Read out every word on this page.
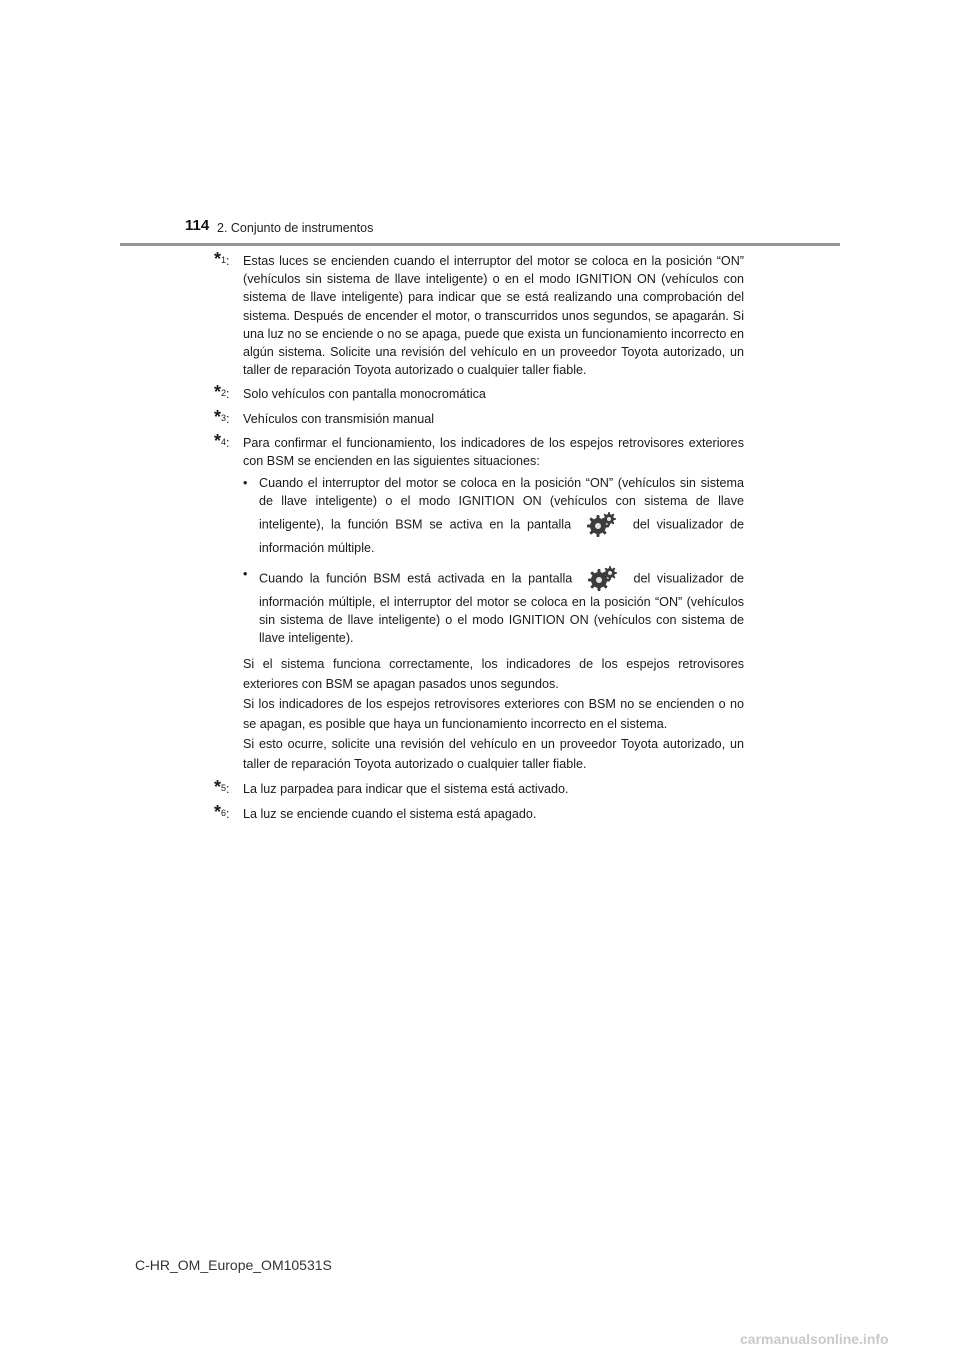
114 2. Conjunto de instrumentos
*$^1$: Estas luces se encienden cuando el interruptor del motor se coloca en la posición “ON” (vehículos sin sistema de llave inteligente) o en el modo IGNITION ON (vehículos con sistema de llave inteligente) para indicar que se está realizando una comprobación del sistema. Después de encender el motor, o transcurridos unos segundos, se apagarán. Si una luz no se enciende o no se apaga, puede que exista un funcionamiento incorrecto en algún sistema. Solicite una revisión del vehículo en un proveedor Toyota autorizado, un taller de reparación Toyota autorizado o cualquier taller fiable.
*$^2$: Solo vehículos con pantalla monocromática
*$^3$: Vehículos con transmisión manual
*$^4$: Para confirmar el funcionamiento, los indicadores de los espejos retrovisores exteriores con BSM se encienden en las siguientes situaciones:
• Cuando el interruptor del motor se coloca en la posición “ON” (vehículos sin sistema de llave inteligente) o el modo IGNITION ON (vehículos con sistema de llave inteligente), la función BSM se activa en la pantalla	del visualizador de información múltiple.
• Cuando la función BSM está activada en la pantalla	del visualizador de información múltiple, el interruptor del motor se coloca en la posición “ON” (vehículos sin sistema de llave inteligente) o el modo IGNITION ON (vehículos con sistema de llave inteligente).

Si el sistema funciona correctamente, los indicadores de los espejos retrovisores exteriores con BSM se apagan pasados unos segundos.

Si los indicadores de los espejos retrovisores exteriores con BSM no se encienden o no se apagan, es posible que haya un funcionamiento incorrecto en el sistema.

Si esto ocurre, solicite una revisión del vehículo en un proveedor Toyota autorizado, un taller de reparación Toyota autorizado o cualquier taller fiable.

*$^5$: La luz parpadea para indicar que el sistema está activado.
*$^6$: La luz se enciende cuando el sistema está apagado.
C-HR_OM_Europe_OM10531S
carmanualsonline.info
